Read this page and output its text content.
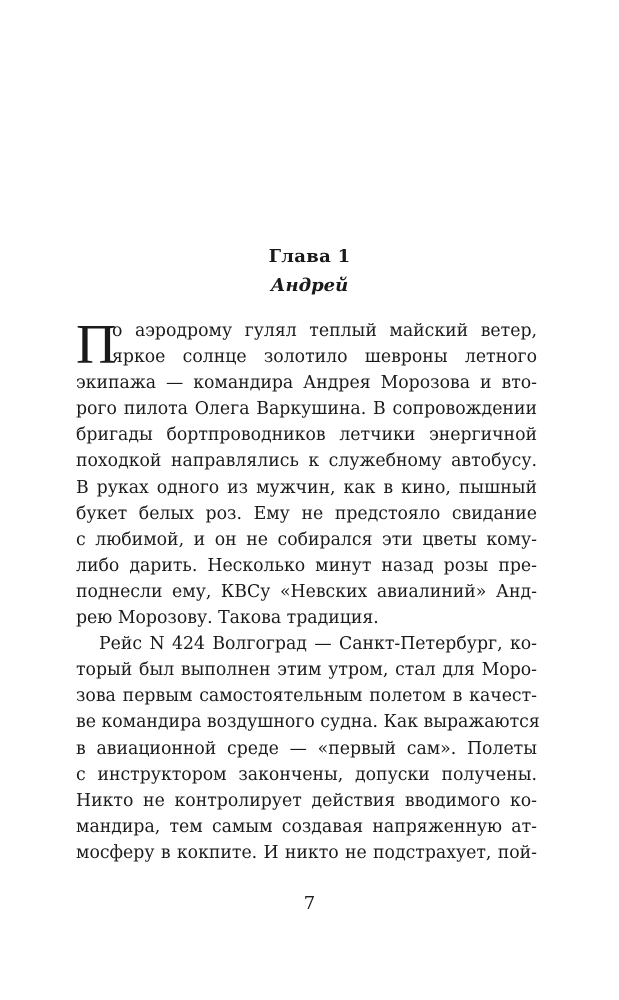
Глава 1
Андрей
П
о аэродрому гулял теплый майский ветер,
яркое солнце золотило шевроны летного
экипажа — командира Андрея Морозова и вто-
рого пилота Олега Варкушина. В сопровождении
бригады бортпроводников летчики энергичной
походкой направлялись к служебному автобусу.
В руках одного из мужчин, как в кино, пышный
букет белых роз. Ему не предстояло свидание
с любимой, и он не собирался эти цветы кому-
либо дарить. Несколько минут назад розы пре-
поднесли ему, КВСу «Невских авиалиний» Анд-
рею Морозову. Такова традиция.
Рейс N 424 Волгоград — Санкт-Петербург, ко-
торый был выполнен этим утром, стал для Моро-
зова первым самостоятельным полетом в качест-
ве командира воздушного судна. Как выражаются
в авиационной среде — «первый сам». Полеты
с инструктором закончены, допуски получены.
Никто не контролирует действия вводимого ко-
мандира, тем самым создавая напряженную ат-
мосферу в кокпите. И никто не подстрахует, пой-
7
